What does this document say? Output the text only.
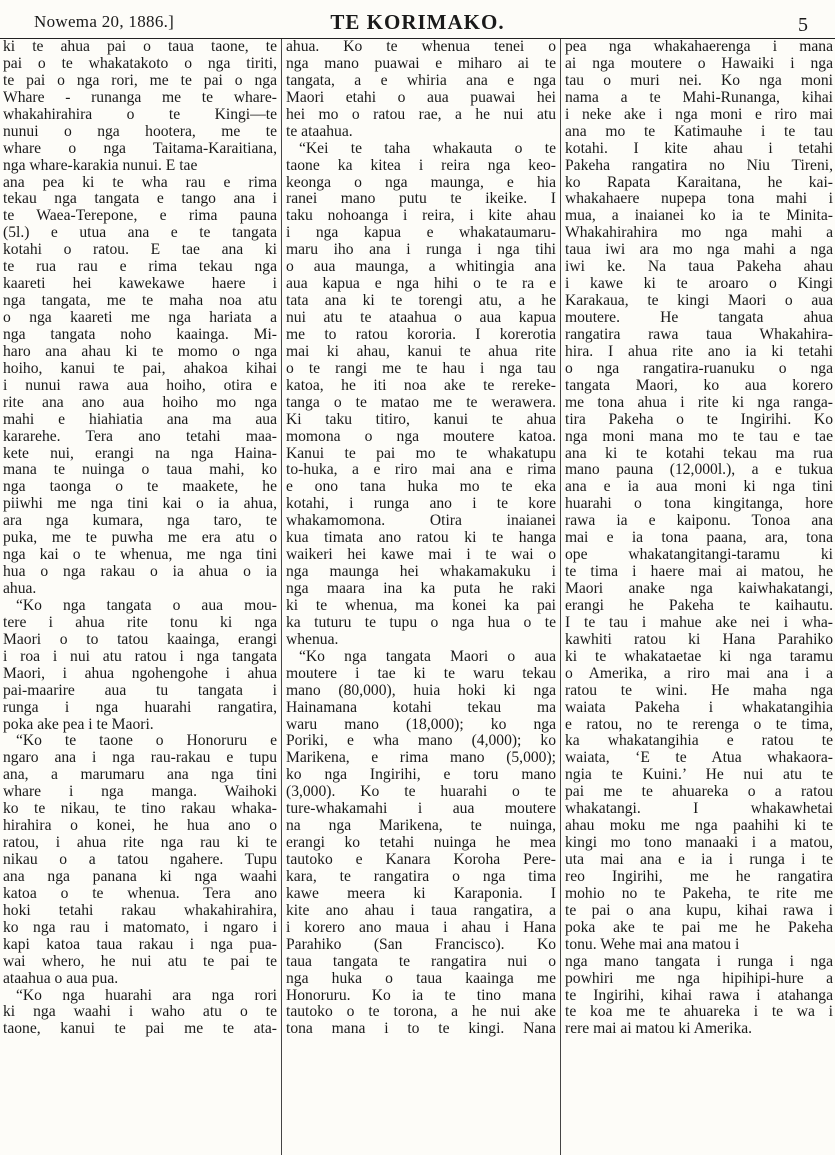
Nowema 20, 1886.]	TE KORIMAKO.	5
ki te ahua pai o taua taone, te
pai o te whakatakoto o nga tiriti,
te pai o nga rori, me te pai o nga
Whare - runanga me te whare-
whakahirahira o te Kingi—te
nunui o nga hootera, me te
whare o nga Taitama-Karaitiana,
nga whare-karakia nunui. E tae
ana pea ki te wha rau e rima
tekau nga tangata e tango ana i
te Waea-Terepone, e rima pauna
(5l.) e utua ana e te tangata
kotahi o ratou. E tae ana ki
te rua rau e rima tekau nga
kaareti hei kawekawe haere i
nga tangata, me te maha noa atu
o nga kaareti me nga hariata a
nga tangata noho kaainga. Mi-
haro ana ahau ki te momo o nga
hoiho, kanui te pai, ahakoa kihai
i nunui rawa aua hoiho, otira e
rite ana ano aua hoiho mo nga
mahi e hiahiatia ana ma aua
kararehe. Tera ano tetahi maa-
kete nui, erangi na nga Haina-
mana te nuinga o taua mahi, ko
nga taonga o te maakete, he
piiwhi me nga tini kai o ia ahua,
ara nga kumara, nga taro, te
puka, me te puwha me era atu o
nga kai o te whenua, me nga tini
hua o nga rakau o ia ahua o ia
ahua.
“Ko nga tangata o aua mou-
tere i ahua rite tonu ki nga
Maori o to tatou kaainga, erangi
i roa i nui atu ratou i nga tangata
Maori, i ahua ngohengohe i ahua
pai-maarire aua tu tangata i
runga i nga huarahi rangatira,
poka ake pea i te Maori.
“Ko te taone o Honoruru e
ngaro ana i nga rau-rakau e tupu
ana, a marumaru ana nga tini
whare i nga manga. Waihoki
ko te nikau, te tino rakau whaka-
hirahira o konei, he hua ano o
ratou, i ahua rite nga rau ki te
nikau o a tatou ngahere. Tupu
ana nga panana ki nga waahi
katoa o te whenua. Tera ano
hoki tetahi rakau whakahirahira,
ko nga rau i matomato, i ngaro i
kapi katoa taua rakau i nga pua-
wai whero, he nui atu te pai te
ataahua o aua pua.
“Ko nga huarahi ara nga rori
ki nga waahi i waho atu o te
taone, kanui te pai me te ata-
ahua. Ko te whenua tenei o
nga mano puawai e miharo ai te
tangata, a e whiria ana e nga
Maori etahi o aua puawai hei
hei mo o ratou rae, a he nui atu
te ataahua.
“Kei te taha whakauta o te
taone ka kitea i reira nga keo-
keonga o nga maunga, e hia
ranei mano putu te ikeike. I
taku nohoanga i reira, i kite ahau
i nga kapua e whakataumaru-
maru iho ana i runga i nga tihi
o aua maunga, a whitingia ana
aua kapua e nga hihi o te ra e
tata ana ki te torengi atu, a he
nui atu te ataahua o aua kapua
me to ratou kororia. I korerotia
mai ki ahau, kanui te ahua rite
o te rangi me te hau i nga tau
katoa, he iti noa ake te rereke-
tanga o te matao me te werawera.
Ki taku titiro, kanui te ahua
momona o nga moutere katoa.
Kanui te pai mo te whakatupu
to-huka, a e riro mai ana e rima
e ono tana huka mo te eka
kotahi, i runga ano i te kore
whakamomona. Otira inaianei
kua timata ano ratou ki te hanga
waikeri hei kawe mai i te wai o
nga maunga hei whakamakuku i
nga maara ina ka puta he raki
ki te whenua, ma konei ka pai
ka tuturu te tupu o nga hua o te
whenua.
“Ko nga tangata Maori o aua
moutere i tae ki te waru tekau
mano (80,000), huia hoki ki nga
Hainamana kotahi tekau ma
waru mano (18,000); ko nga
Poriki, e wha mano (4,000); ko
Marikena, e rima mano (5,000);
ko nga Ingirihi, e toru mano
(3,000). Ko te huarahi o te
ture-whakamahi i aua moutere
na nga Marikena, te nuinga,
erangi ko tetahi nuinga he mea
tautoko e Kanara Koroha Pere-
kara, te rangatira o nga tima
kawe meera ki Karaponia. I
kite ano ahau i taua rangatira, a
i korero ano maua i ahau i Hana
Parahiko (San Francisco). Ko
taua tangata te rangatira nui o
nga huka o taua kaainga me
Honoruru. Ko ia te tino mana
tautoko o te torona, a he nui ake
tona mana i to te kingi. Nana
pea nga whakahaerenga i mana
ai nga moutere o Hawaiki i nga
tau o muri nei. Ko nga moni
nama a te Mahi-Runanga, kihai
i neke ake i nga moni e riro mai
ana mo te Katimauhe i te tau
kotahi. I kite ahau i tetahi
Pakeha rangatira no Niu Tireni,
ko Rapata Karaitana, he kai-
whakahaere nupepa tona mahi i
mua, a inaianei ko ia te Minita-
Whakahirahira mo nga mahi a
taua iwi ara mo nga mahi a nga
iwi ke. Na taua Pakeha ahau
i kawe ki te aroaro o Kingi
Karakaua, te kingi Maori o aua
moutere. He tangata ahua
rangatira rawa taua Whakahira-
hira. I ahua rite ano ia ki tetahi
o nga rangatira-ruanuku o nga
tangata Maori, ko aua korero
me tona ahua i rite ki nga ranga-
tira Pakeha o te Ingirihi. Ko
nga moni mana mo te tau e tae
ana ki te kotahi tekau ma rua
mano pauna (12,000l.), a e tukua
ana e ia aua moni ki nga tini
huarahi o tona kingitanga, hore
rawa ia e kaiponu. Tonoa ana
mai e ia tona paana, ara, tona
ope whakatangitangi-taramu ki
te tima i haere mai ai matou, he
Maori anake nga kaiwhakatangi,
erangi he Pakeha te kaihautu.
I te tau i mahue ake nei i wha-
kawhiti ratou ki Hana Parahiko
ki te whakataetae ki nga taramu
o Amerika, a riro mai ana i a
ratou te wini. He maha nga
waiata Pakeha i whakatangihia
e ratou, no te rerenga o te tima,
ka whakatangihia e ratou te
waiata, ‘E te Atua whakaora-
ngia te Kuini.’ He nui atu te
pai me te ahuareka o a ratou
whakatangi. I whakawhetai
ahau moku me nga paahihi ki te
kingi mo tono manaaki i a matou,
uta mai ana e ia i runga i te
reo Ingirihi, me he rangatira
mohio no te Pakeha, te rite me
te pai o ana kupu, kihai rawa i
poka ake te pai me he Pakeha
tonu. Wehe mai ana matou i
nga mano tangata i runga i nga
powhiri me nga hipihipi-hure a
te Ingirihi, kihai rawa i atahanga
te koa me te ahuareka i te wa i
rere mai ai matou ki Amerika.
